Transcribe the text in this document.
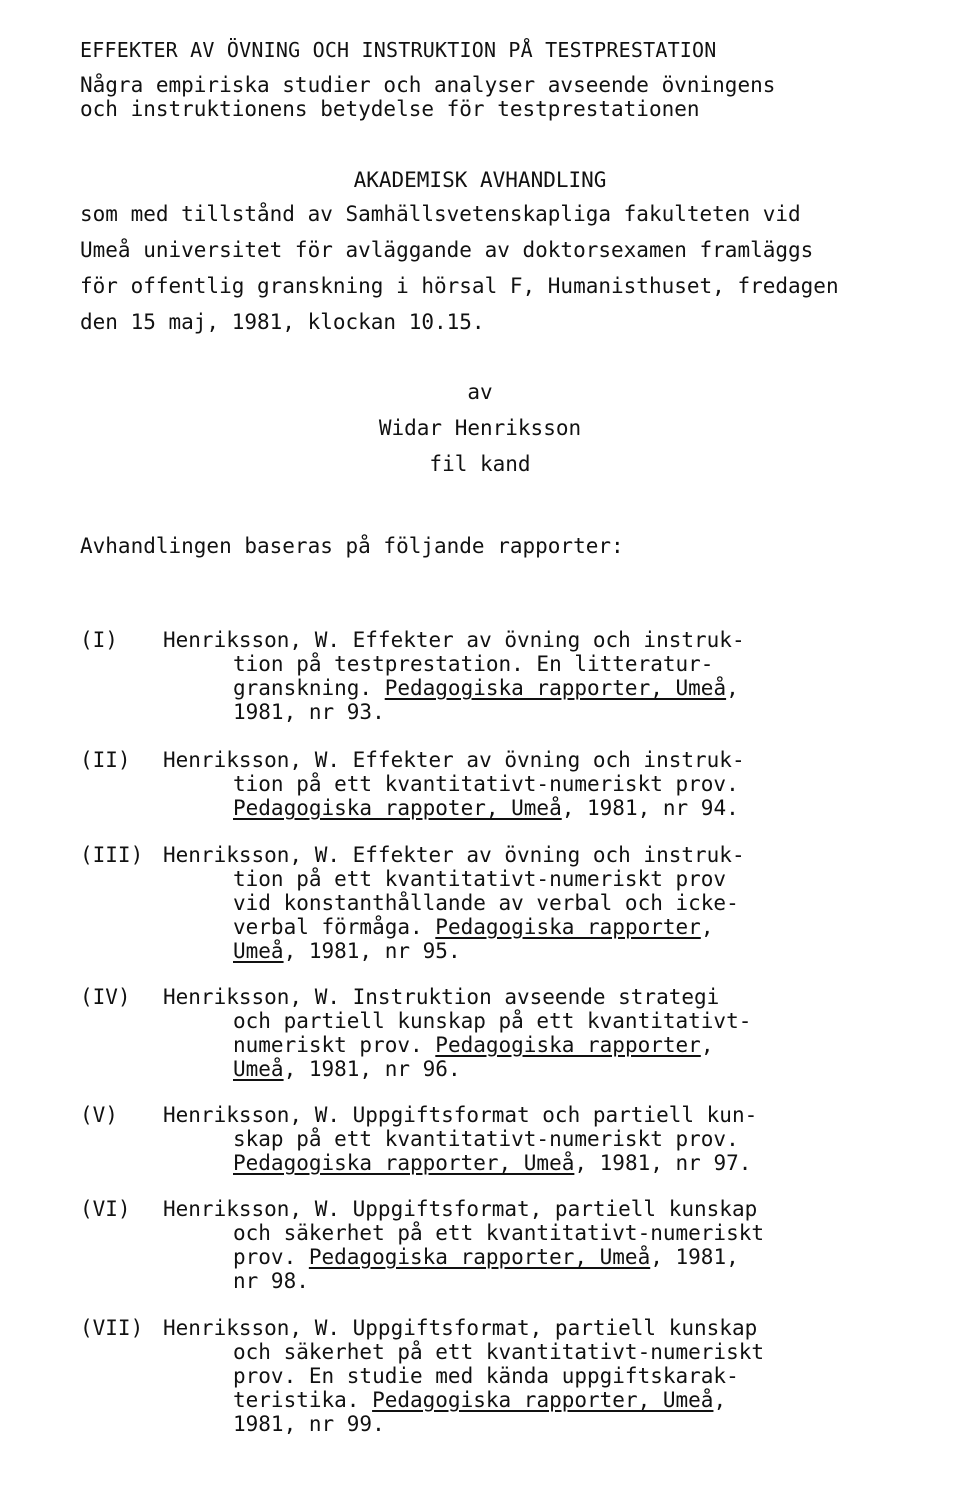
EFFEKTER AV ÖVNING OCH INSTRUKTION PÅ TESTPRESTATION
Några empiriska studier och analyser avseende övningens
och instruktionens betydelse för testprestationen
AKADEMISK AVHANDLING
som med tillstånd av Samhällsvetenskapliga fakulteten vid
Umeå universitet för avläggande av doktorsexamen framläggs
för offentlig granskning i hörsal F, Humanisthuset, fredagen
den 15 maj, 1981, klockan 10.15.
av
Widar Henriksson
fil kand
Avhandlingen baseras på följande rapporter:
(I) Henriksson, W. Effekter av övning och instruk-
tion på testprestation. En litteratur-
granskning. Pedagogiska rapporter, Umeå,
1981, nr 93.
(II) Henriksson, W. Effekter av övning och instruk-
tion på ett kvantitativt-numeriskt prov.
Pedagogiska rappoter, Umeå, 1981, nr 94.
(III) Henriksson, W. Effekter av övning och instruk-
tion på ett kvantitativt-numeriskt prov
vid konstanthållande av verbal och icke-
verbal förmåga. Pedagogiska rapporter,
Umeå, 1981, nr 95.
(IV) Henriksson, W. Instruktion avseende strategi
och partiell kunskap på ett kvantitativt-
numeriskt prov. Pedagogiska rapporter,
Umeå, 1981, nr 96.
(V) Henriksson, W. Uppgiftsformat och partiell kun-
skap på ett kvantitativt-numeriskt prov.
Pedagogiska rapporter, Umeå, 1981, nr 97.
(VI) Henriksson, W. Uppgiftsformat, partiell kunskap
och säkerhet på ett kvantitativt-numeriskt
prov. Pedagogiska rapporter, Umeå, 1981,
nr 98.
(VII) Henriksson, W. Uppgiftsformat, partiell kunskap
och säkerhet på ett kvantitativt-numeriskt
prov. En studie med kända uppgiftskarak-
teristika. Pedagogiska rapporter, Umeå,
1981, nr 99.
